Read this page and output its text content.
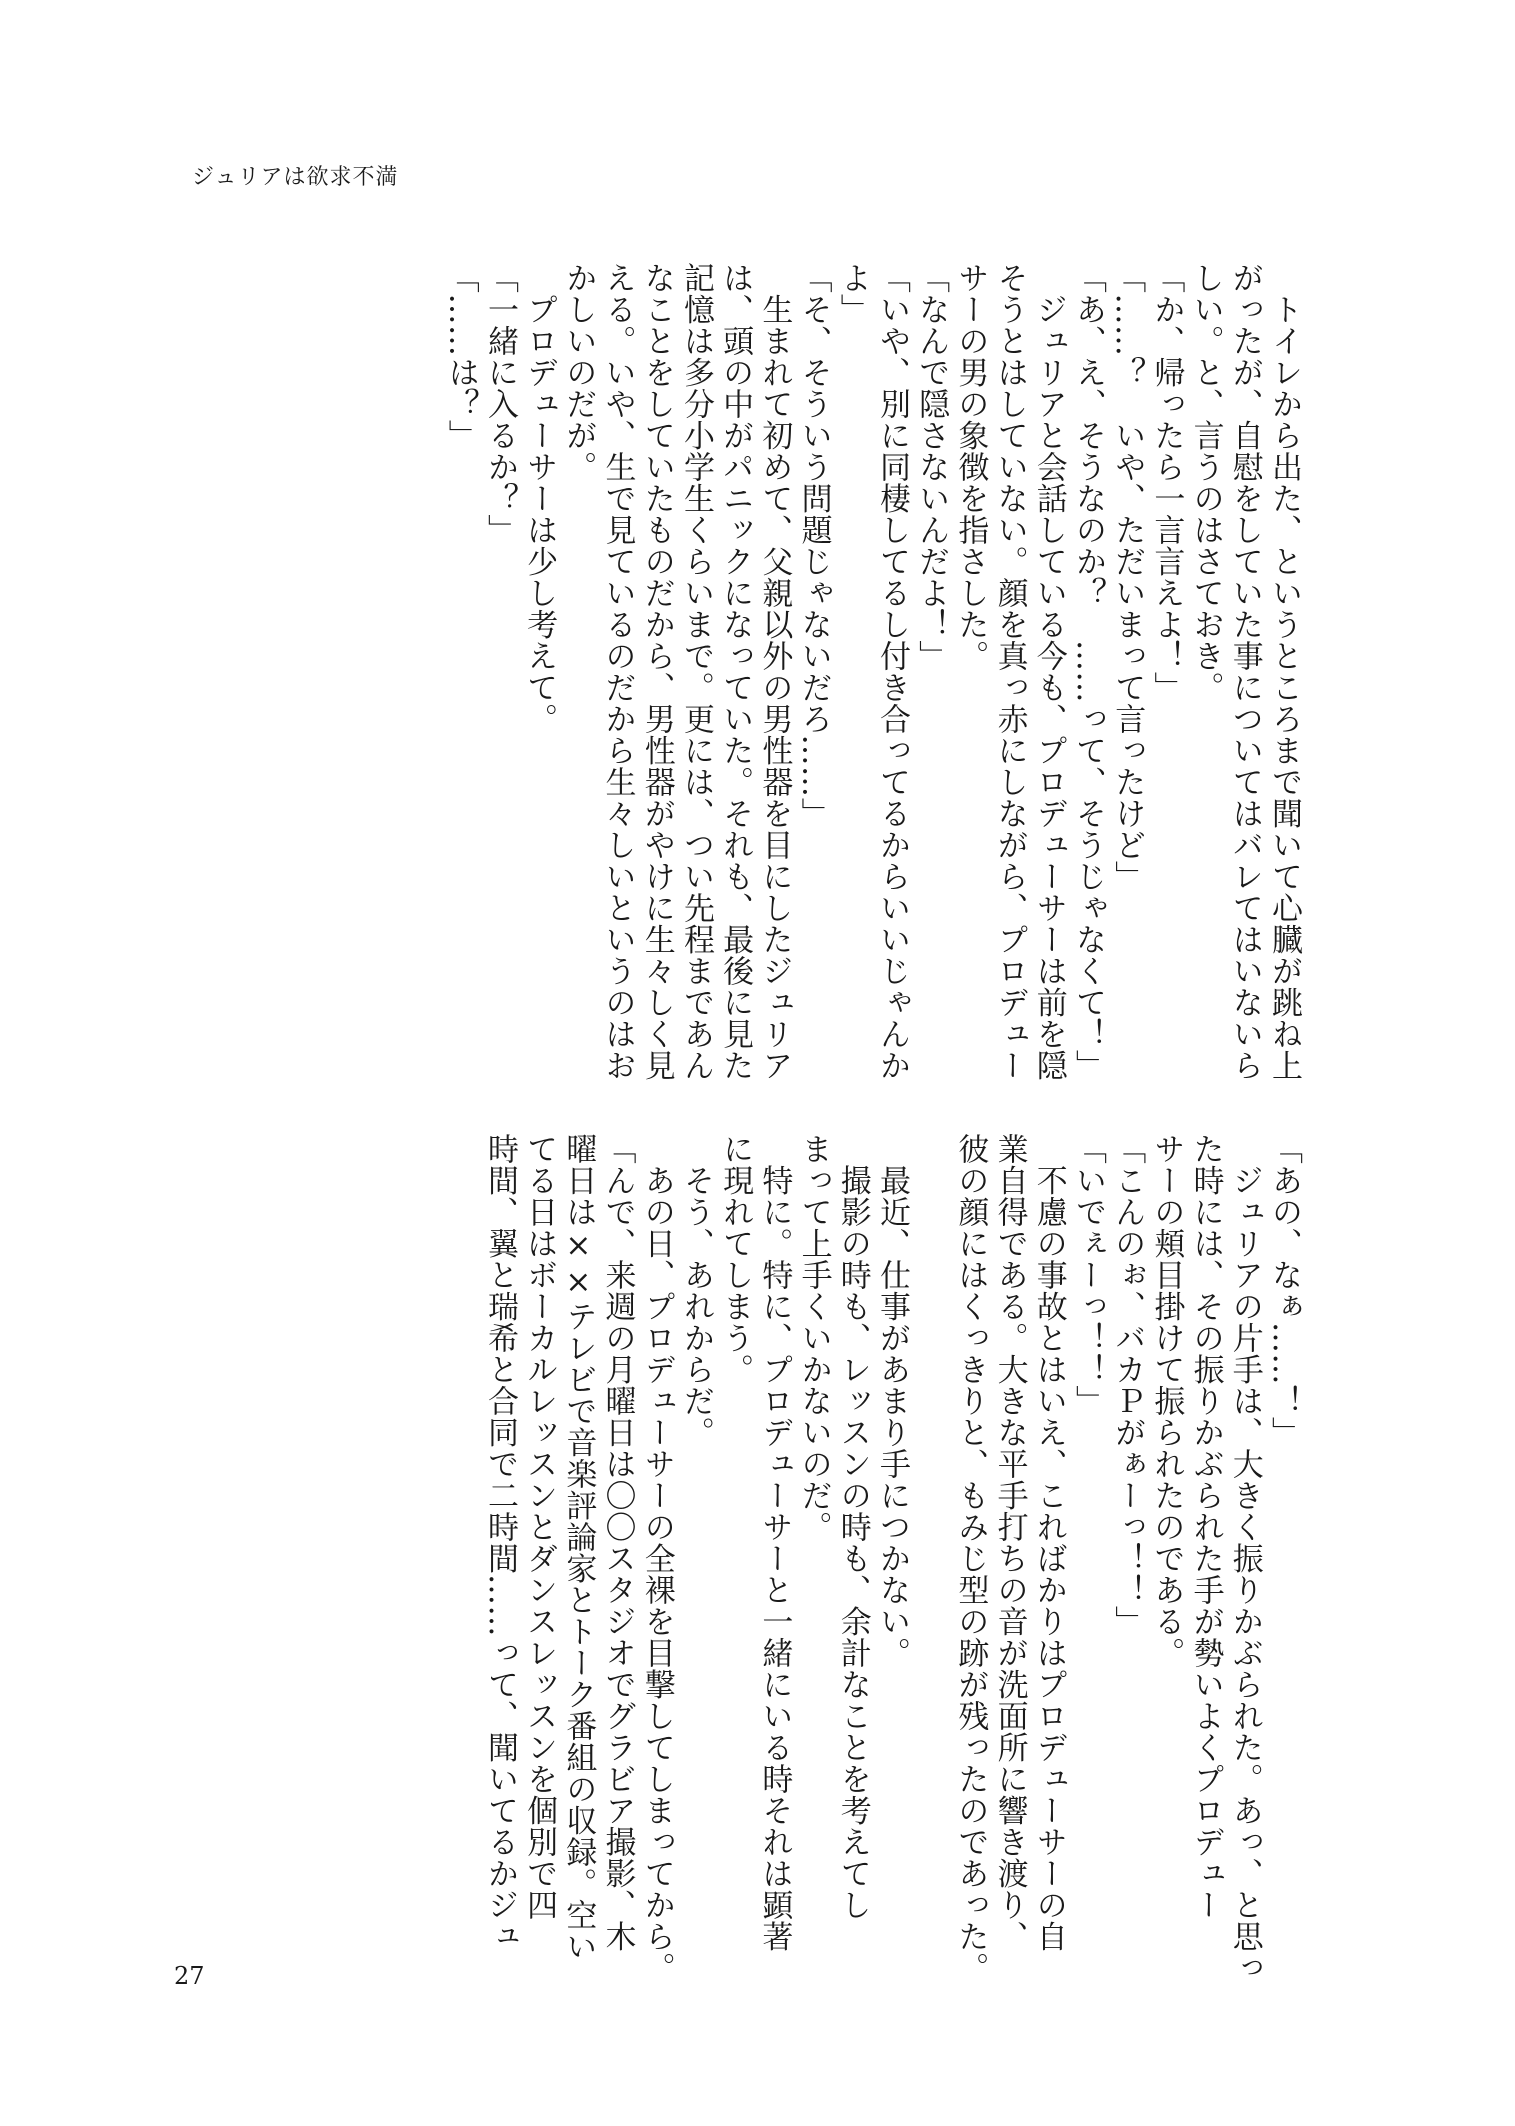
ジュリアは欲求不満
　トイレから出た、というところまで聞いて心臓が跳ね上
がったが、自慰をしていた事についてはバレてはいないら
しい。と、言うのはさておき。
「か、帰ったら一言言えよ！」
「……？　いや、ただいまって言ったけど」
「あ、え、そうなのか？　……って、そうじゃなくて！」
　ジュリアと会話している今も、プロデューサーは前を隠
そうとはしていない。顔を真っ赤にしながら、プロデュー
サーの男の象徴を指さした。
「なんで隠さないんだよ！」
「いや、別に同棲してるし付き合ってるからいいじゃんか
よ」
「そ、そういう問題じゃないだろ……」
　生まれて初めて、父親以外の男性器を目にしたジュリア
は、頭の中がパニックになっていた。それも、最後に見た
記憶は多分小学生くらいまで。更には、つい先程まであん
なことをしていたものだから、男性器がやけに生々しく見
える。いや、生で見ているのだから生々しいというのはお
かしいのだが。
　プロデューサーは少し考えて。
「一緒に入るか？」
「……は？」
「あの、なぁ……！」
　ジュリアの片手は、大きく振りかぶられた。あっ、と思っ
た時には、その振りかぶられた手が勢いよくプロデュー
サーの頬目掛けて振られたのである。
「こんのぉ、バカＰがぁーっ！！」
「いでぇーっ！！」
　不慮の事故とはいえ、こればかりはプロデューサーの自
業自得である。大きな平手打ちの音が洗面所に響き渡り、
彼の顔にはくっきりと、もみじ型の跡が残ったのであった。

　最近、仕事があまり手につかない。
　撮影の時も、レッスンの時も、余計なことを考えてし
まって上手くいかないのだ。
　特に。特に、プロデューサーと一緒にいる時それは顕著
に現れてしまう。
　そう、あれからだ。
　あの日、プロデューサーの全裸を目撃してしまってから。
「んで、来週の月曜日は〇〇スタジオでグラビア撮影、木
曜日は××テレビで音楽評論家とトーク番組の収録。空い
てる日はボーカルレッスンとダンスレッスンを個別で四
時間、翼と瑞希と合同で二時間……って、聞いてるかジュ
27
